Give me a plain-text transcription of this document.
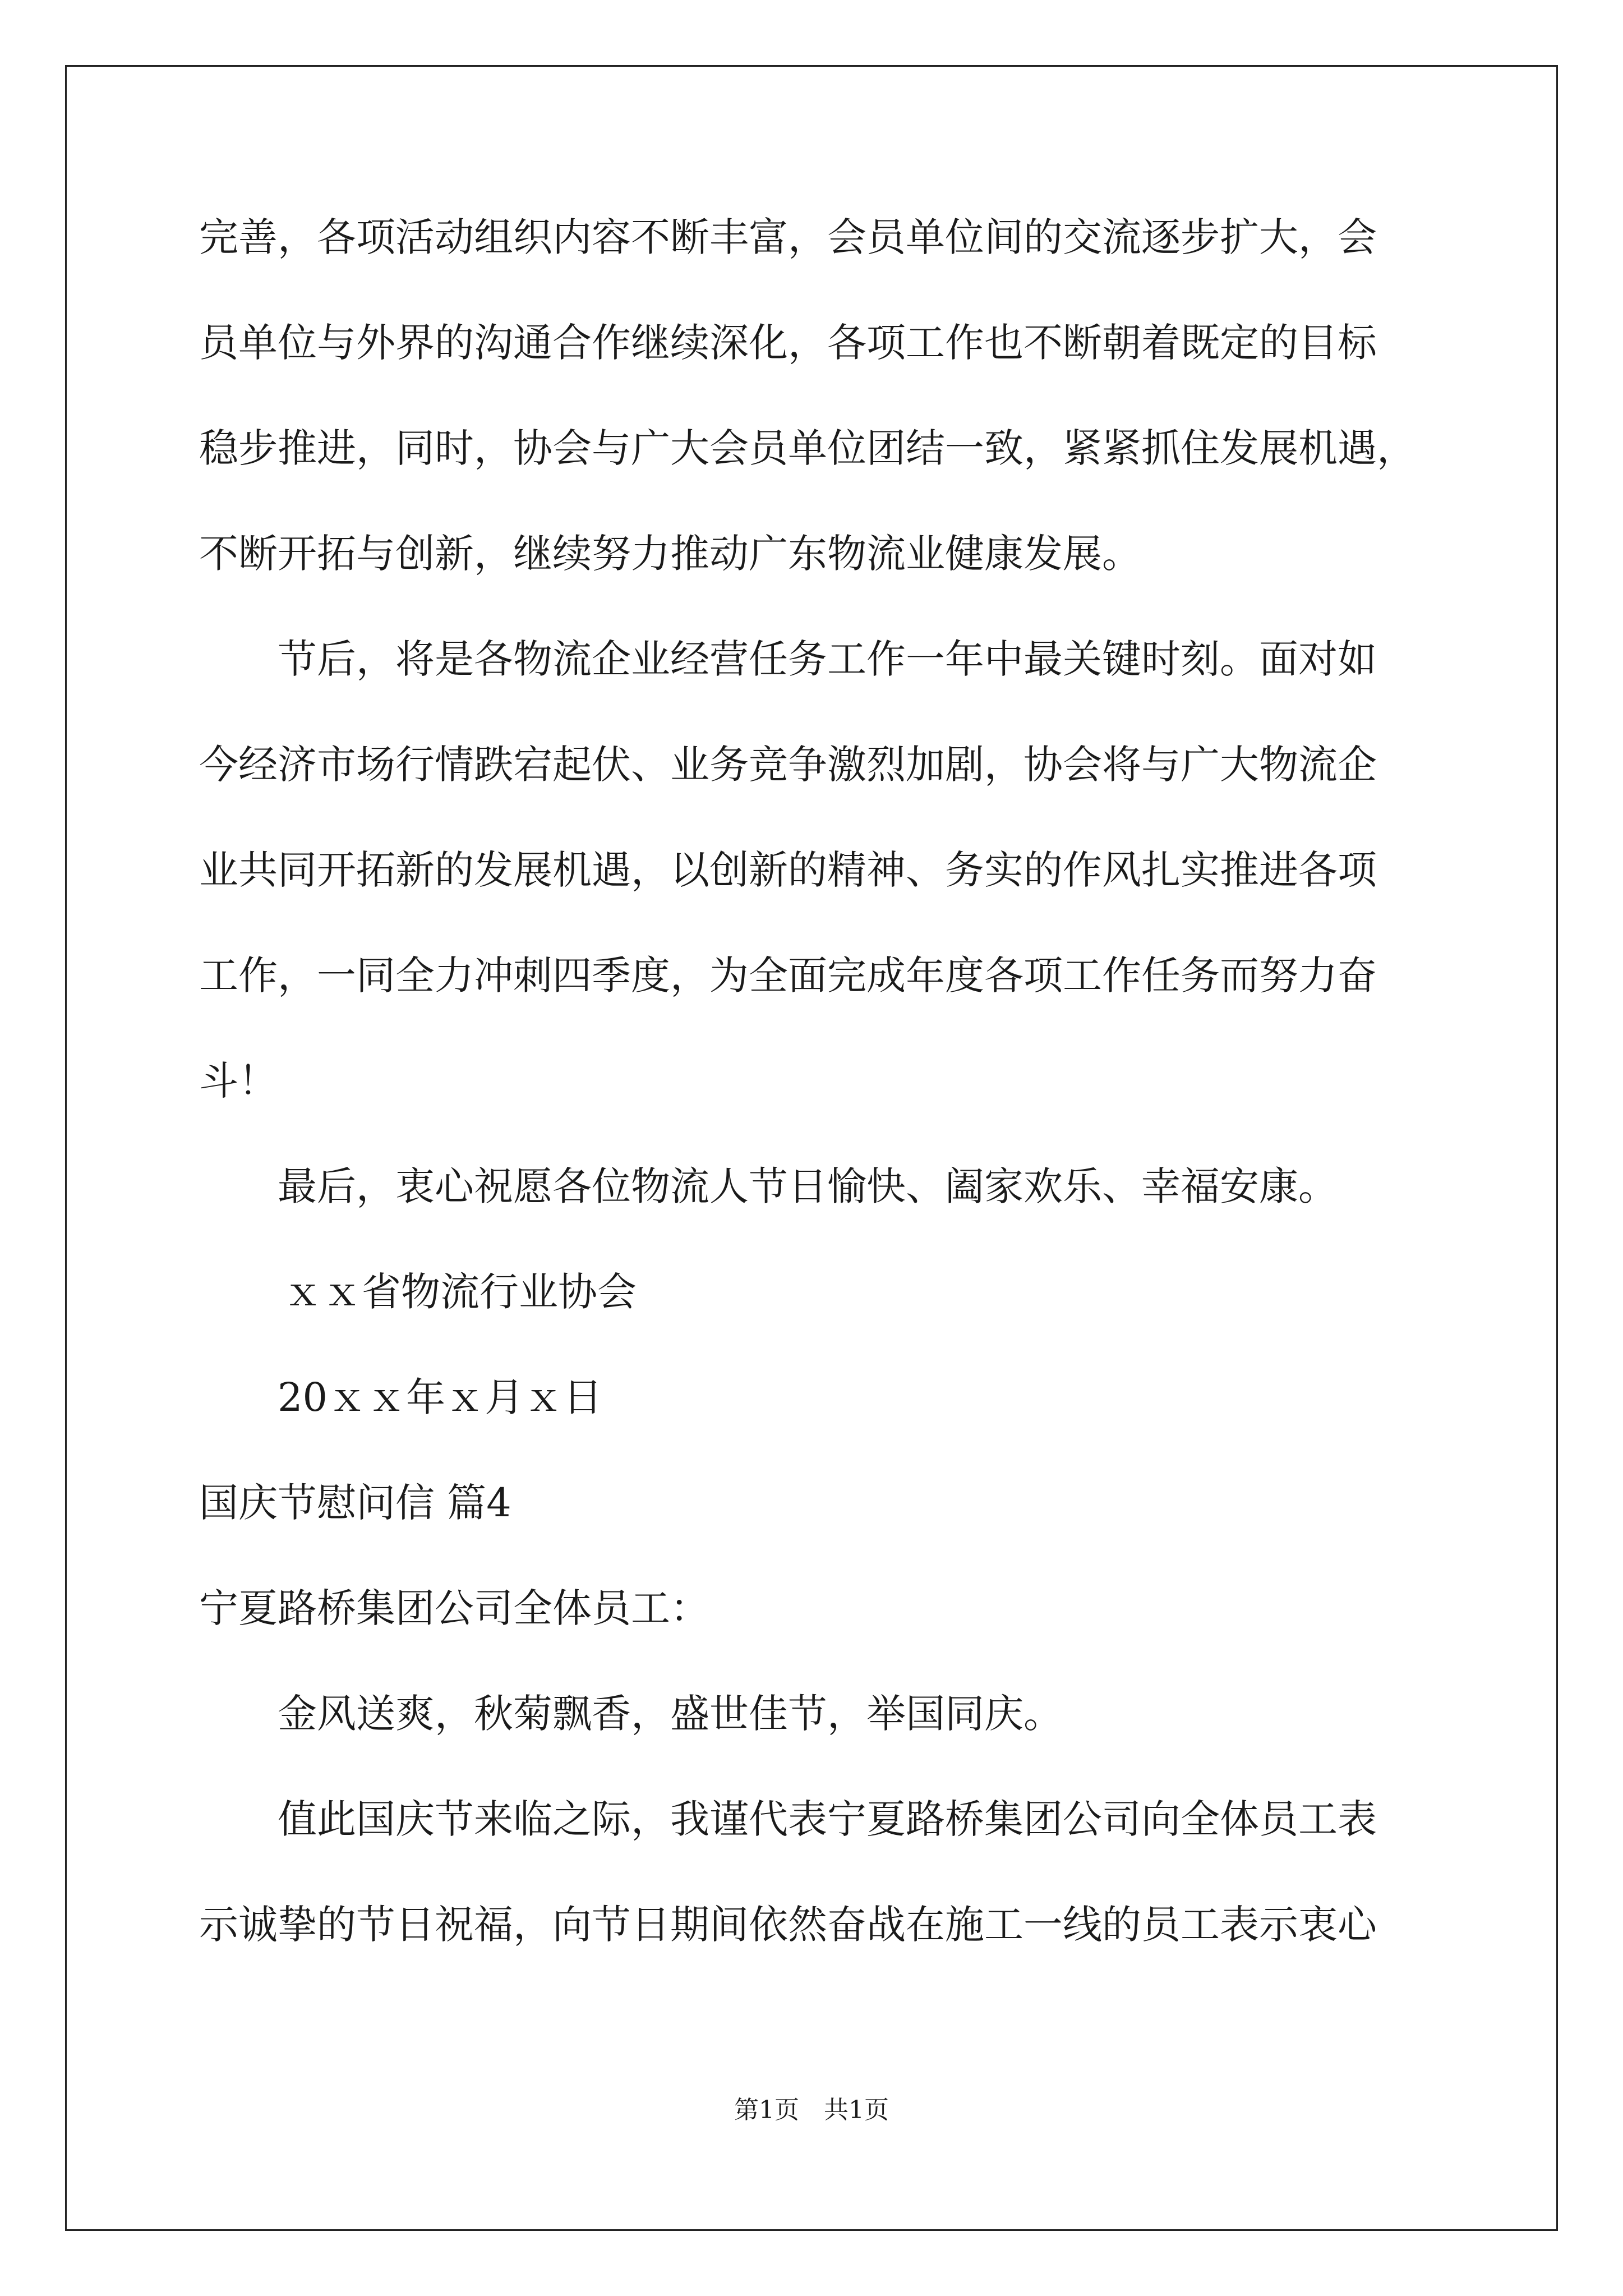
完善，各项活动组织内容不断丰富，会员单位间的交流逐步扩大，会
员单位与外界的沟通合作继续深化，各项工作也不断朝着既定的目标
稳步推进，同时，协会与广大会员单位团结一致，紧紧抓住发展机遇，
不断开拓与创新，继续努力推动广东物流业健康发展。
节后，将是各物流企业经营任务工作一年中最关键时刻。面对如
今经济市场行情跌宕起伏、业务竞争激烈加剧，协会将与广大物流企
业共同开拓新的发展机遇，以创新的精神、务实的作风扎实推进各项
工作，一同全力冲刺四季度，为全面完成年度各项工作任务而努力奋
斗！
最后，衷心祝愿各位物流人节日愉快、阖家欢乐、幸福安康。
ｘｘ省物流行业协会
20ｘｘ年ｘ月ｘ日
国庆节慰问信 篇4
宁夏路桥集团公司全体员工：
金风送爽，秋菊飘香，盛世佳节，举国同庆。
值此国庆节来临之际，我谨代表宁夏路桥集团公司向全体员工表
示诚挚的节日祝福，向节日期间依然奋战在施工一线的员工表示衷心
第1页　共1页
